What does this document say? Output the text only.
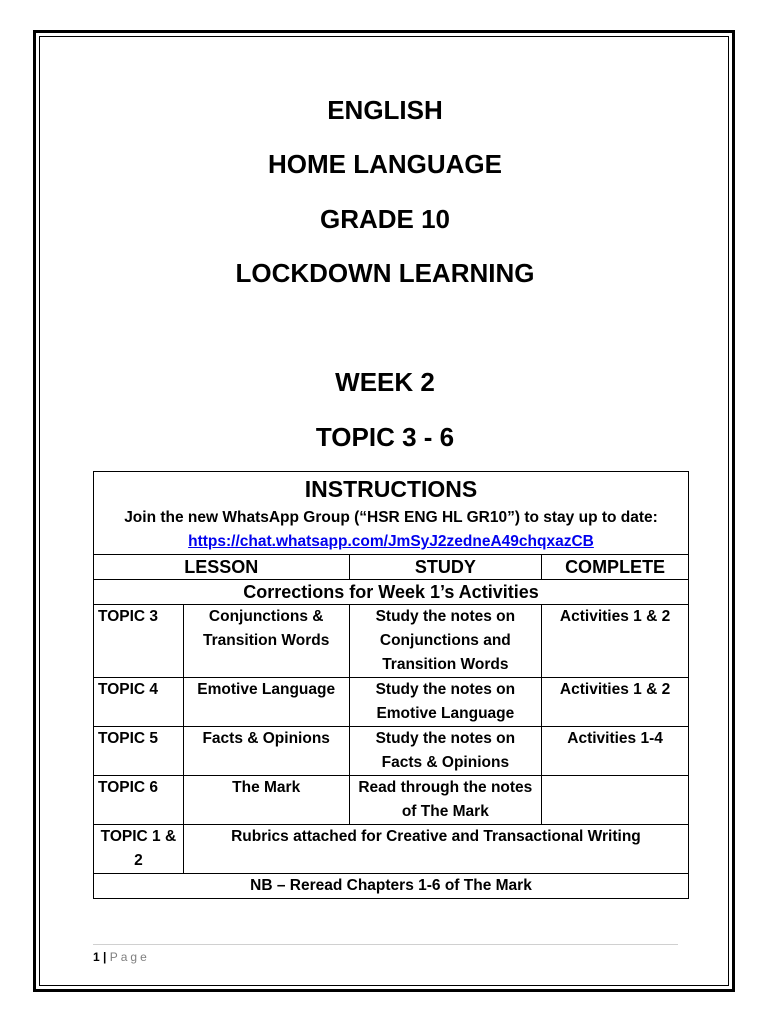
ENGLISH
HOME LANGUAGE
GRADE 10
LOCKDOWN LEARNING
WEEK 2
TOPIC 3 - 6
INSTRUCTIONS
Join the new WhatsApp Group (“HSR ENG HL GR10”) to stay up to date: https://chat.whatsapp.com/JmSyJ2zedneA49chqxazCB			

LESSON		STUDY	COMPLETE
Corrections for Week 1’s Activities			
TOPIC 3	Conjunctions & Transition Words	Study the notes on Conjunctions and Transition Words	Activities 1 & 2
TOPIC 4	Emotive Language	Study the notes on Emotive Language	Activities 1 & 2
TOPIC 5	Facts & Opinions	Study the notes on Facts & Opinions	Activities 1-4
TOPIC 6	The Mark	Read through the notes of The Mark	
TOPIC 1 & 2	Rubrics attached for Creative and Transactional Writing		
NB – Reread Chapters 1-6 of The Mark			
1 | Page
